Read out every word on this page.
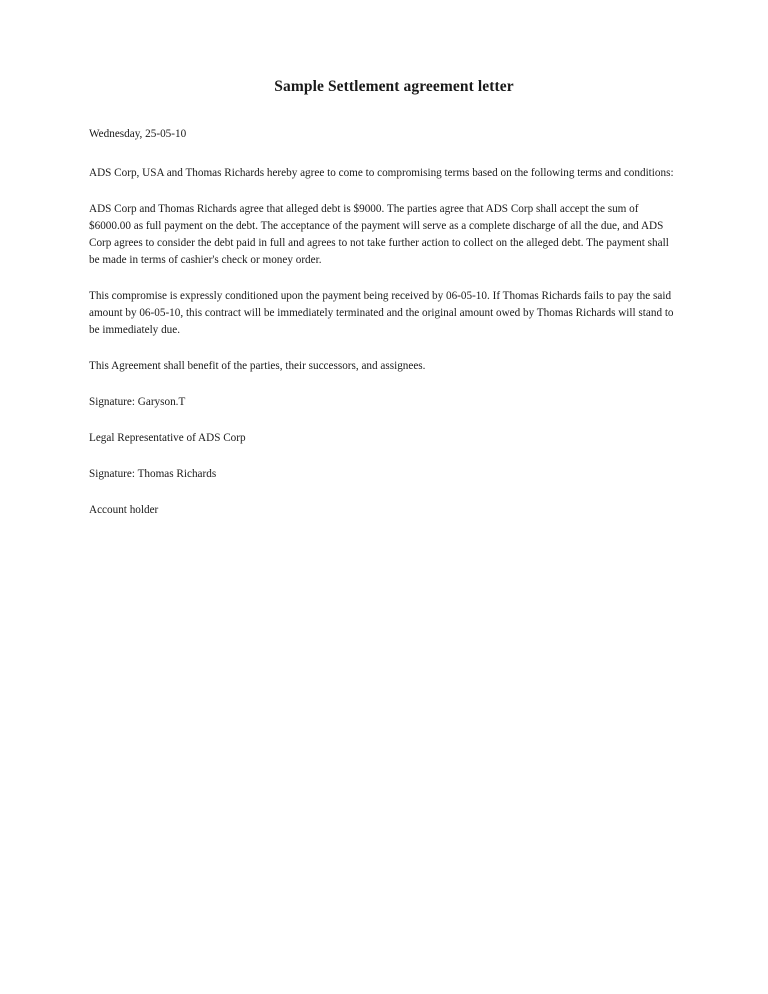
Sample Settlement agreement letter

Wednesday, 25-05-10

ADS Corp, USA and Thomas Richards hereby agree to come to compromising terms based on the following terms and conditions:

ADS Corp and Thomas Richards agree that alleged debt is $9000. The parties agree that ADS Corp shall accept the sum of $6000.00 as full payment on the debt. The acceptance of the payment will serve as a complete discharge of all the due, and ADS Corp agrees to consider the debt paid in full and agrees to not take further action to collect on the alleged debt. The payment shall be made in terms of cashier's check or money order.

This compromise is expressly conditioned upon the payment being received by 06-05-10. If Thomas Richards fails to pay the said amount by 06-05-10, this contract will be immediately terminated and the original amount owed by Thomas Richards will stand to be immediately due.

This Agreement shall benefit of the parties, their successors, and assignees.

Signature: Garyson.T

Legal Representative of ADS Corp

Signature: Thomas Richards

Account holder
